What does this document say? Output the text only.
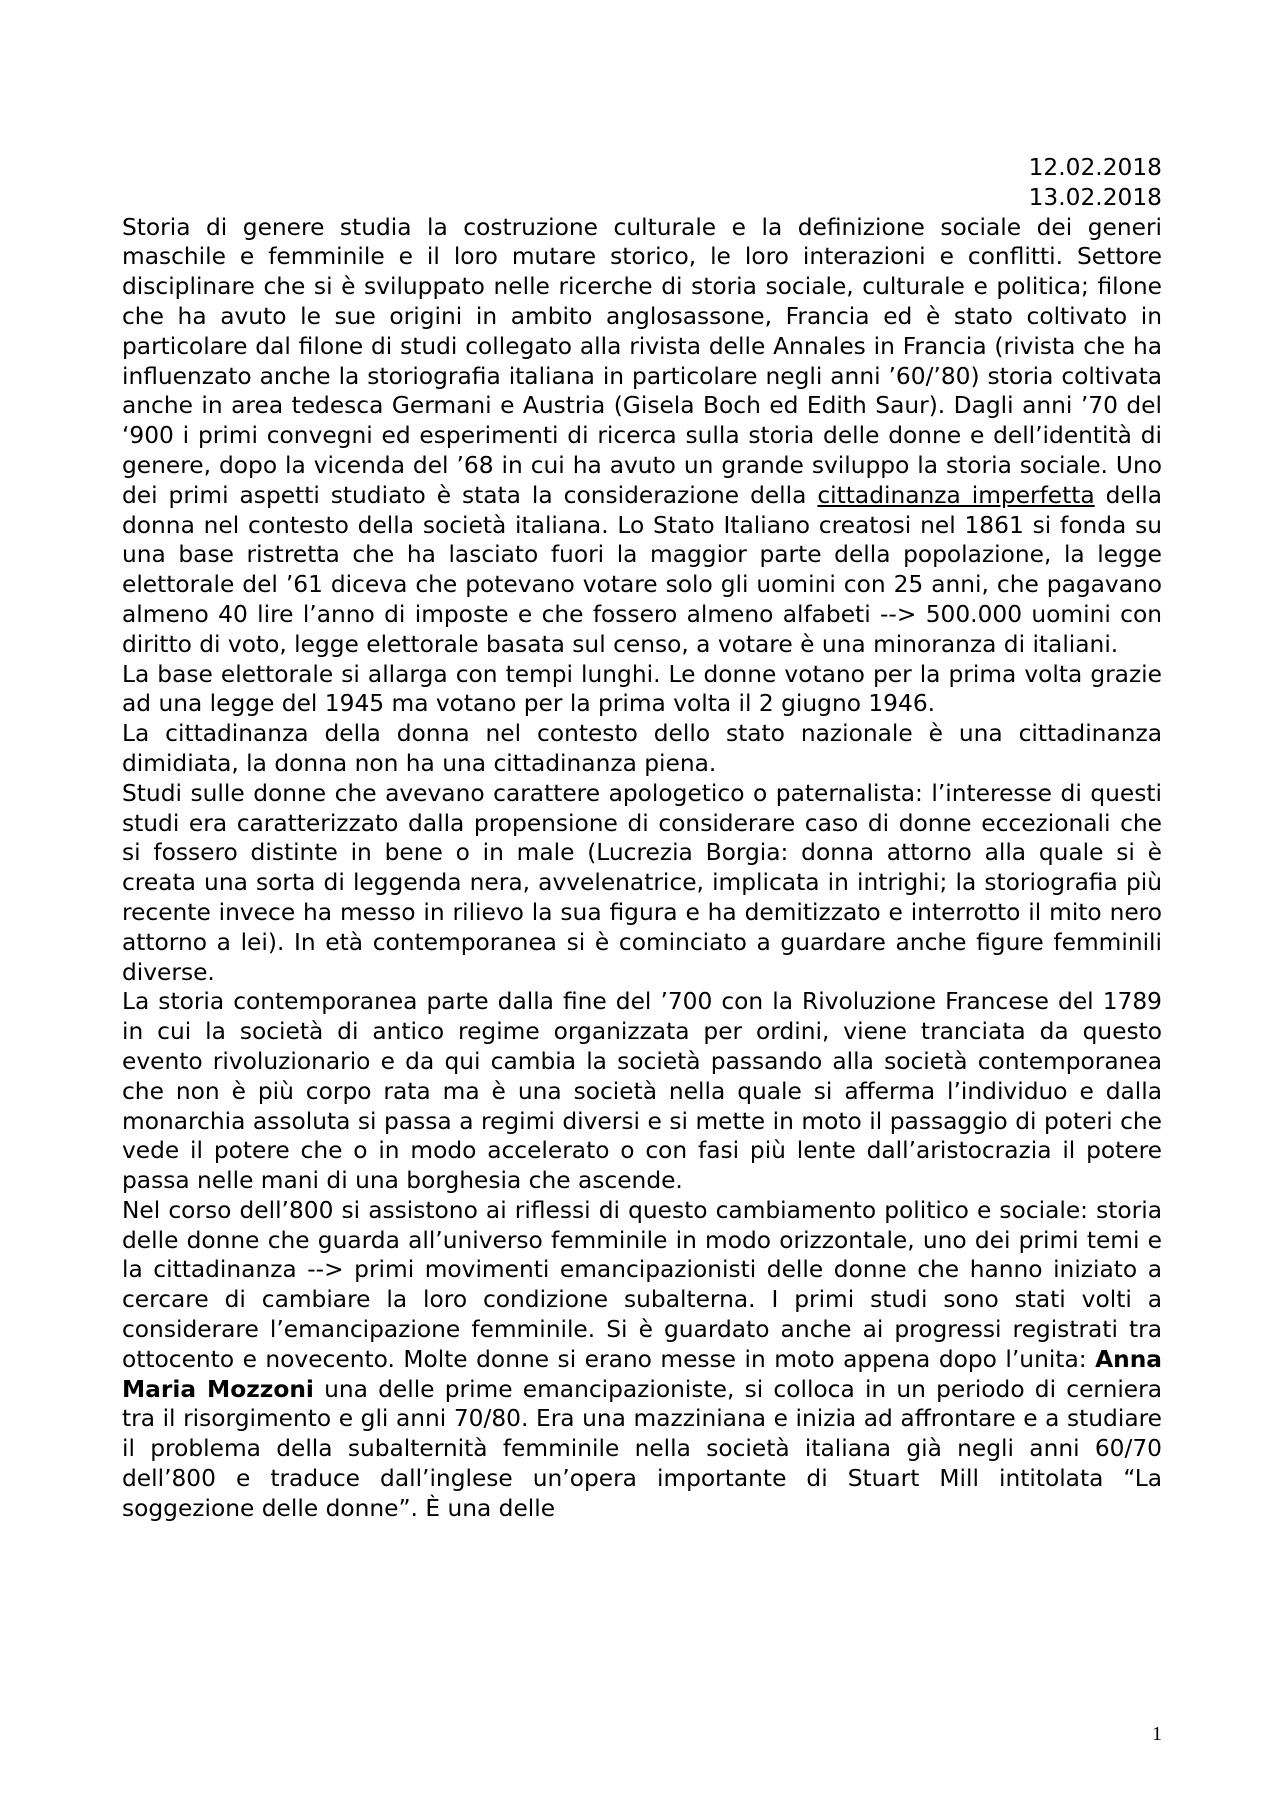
12.02.2018

13.02.2018

Storia di genere studia la costruzione culturale e la definizione sociale dei generi maschile e femminile e il loro mutare storico, le loro interazioni e conflitti. Settore disciplinare che si è sviluppato nelle ricerche di storia sociale, culturale e politica; filone che ha avuto le sue origini in ambito anglosassone, Francia ed è stato coltivato in particolare dal filone di studi collegato alla rivista delle Annales in Francia (rivista che ha influenzato anche la storiografia italiana in particolare negli anni ’60/’80) storia coltivata anche in area tedesca Germani e Austria (Gisela Boch ed Edith Saur). Dagli anni ’70 del ‘900 i primi convegni ed esperimenti di ricerca sulla storia delle donne e dell’identità di genere, dopo la vicenda del ’68 in cui ha avuto un grande sviluppo la storia sociale. Uno dei primi aspetti studiato è stata la considerazione della cittadinanza imperfetta della donna nel contesto della società italiana. Lo Stato Italiano creatosi nel 1861 si fonda su una base ristretta che ha lasciato fuori la maggior parte della popolazione, la legge elettorale del ’61 diceva che potevano votare solo gli uomini con 25 anni, che pagavano almeno 40 lire l’anno di imposte e che fossero almeno alfabeti --> 500.000 uomini con diritto di voto, legge elettorale basata sul censo, a votare è una minoranza di italiani.

La base elettorale si allarga con tempi lunghi. Le donne votano per la prima volta grazie ad una legge del 1945 ma votano per la prima volta il 2 giugno 1946.

La cittadinanza della donna nel contesto dello stato nazionale è una cittadinanza dimidiata, la donna non ha una cittadinanza piena.

Studi sulle donne che avevano carattere apologetico o paternalista: l’interesse di questi studi era caratterizzato dalla propensione di considerare caso di donne eccezionali che si fossero distinte in bene o in male (Lucrezia Borgia: donna attorno alla quale si è creata una sorta di leggenda nera, avvelenatrice, implicata in intrighi; la storiografia più recente invece ha messo in rilievo la sua figura e ha demitizzato e interrotto il mito nero attorno a lei). In età contemporanea si è cominciato a guardare anche figure femminili diverse.

La storia contemporanea parte dalla fine del ’700 con la Rivoluzione Francese del 1789 in cui la società di antico regime organizzata per ordini, viene tranciata da questo evento rivoluzionario e da qui cambia la società passando alla società contemporanea che non è più corpo rata ma è una società nella quale si afferma l’individuo e dalla monarchia assoluta si passa a regimi diversi e si mette in moto il passaggio di poteri che vede il potere che o in modo accelerato o con fasi più lente dall’aristocrazia il potere passa nelle mani di una borghesia che ascende.

Nel corso dell’800 si assistono ai riflessi di questo cambiamento politico e sociale: storia delle donne che guarda all’universo femminile in modo orizzontale, uno dei primi temi e la cittadinanza --> primi movimenti emancipazionisti delle donne che hanno iniziato a cercare di cambiare la loro condizione subalterna. I primi studi sono stati volti a considerare l’emancipazione femminile. Si è guardato anche ai progressi registrati tra ottocento e novecento. Molte donne si erano messe in moto appena dopo l’unita: Anna Maria Mozzoni una delle prime emancipazioniste, si colloca in un periodo di cerniera tra il risorgimento e gli anni 70/80. Era una mazziniana e inizia ad affrontare e a studiare il problema della subalternità femminile nella società italiana già negli anni 60/70 dell’800 e traduce dall’inglese un’opera importante di Stuart Mill intitolata “La soggezione delle donne”. È una delle

1
